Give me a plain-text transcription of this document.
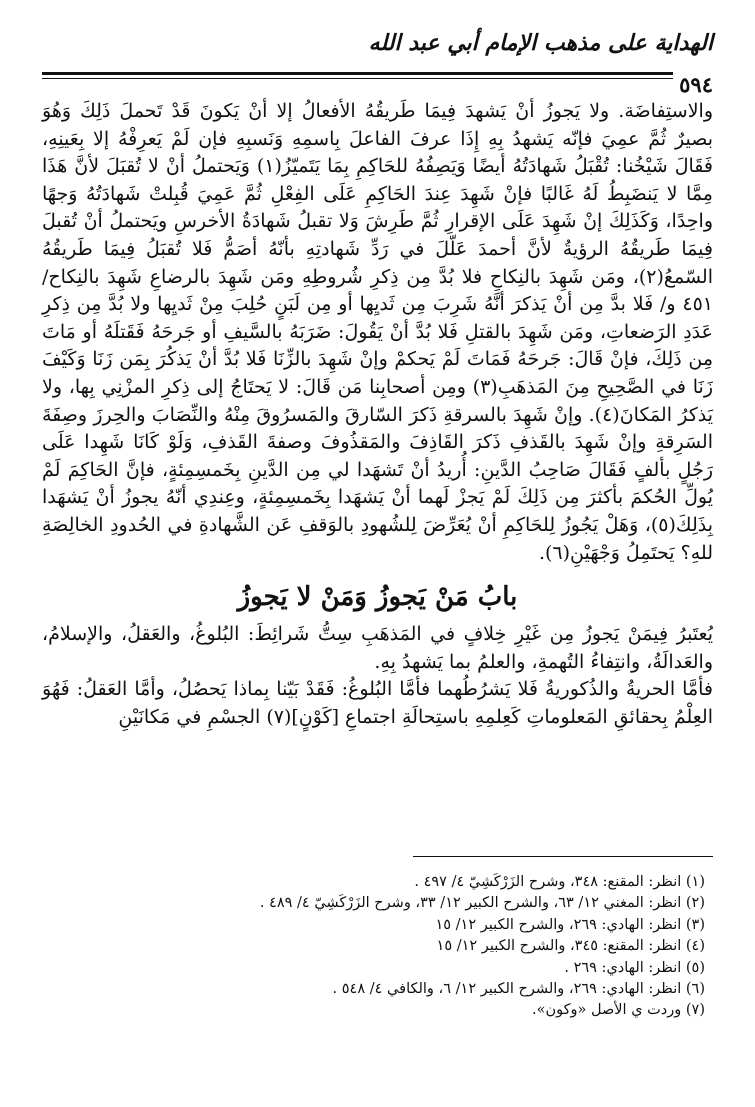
الهداية على مذهب الإمام أبي عبد الله
٥٩٤

والاستِفاضَة. ولا يَجوزُ أنْ يَشهدَ فِيمَا طَريقُهُ الأفعالُ إلا أنْ يَكونَ قَدْ تَحملَ ذَلِكَ وَهُوَ بصيرٌ ثُمَّ عمِيَ فإنّه يَشهدُ بِهِ إِذَا عرفَ الفاعلَ بِاسمِهِ وَنَسبِهِ فإن لَمْ يَعرِفْهُ إلا بِعَينِهِ، فَقَالَ شَيْخُنا: تُقْبَلُ شَهادَتُهُ أيضًا وَيَصِفُهُ للحَاكِمِ بِمَا يَتَميّزُ(١) وَيَحتملُ أنْ لا تُقبَلَ لأنَّ هَذَا مِمَّا لا يَنضَبِطُ لَهُ غَالبًا فإنْ شَهِدَ عِندَ الحَاكِمِ عَلَى الفِعْلِ ثُمَّ عَمِيَ قُبِلتْ شَهادَتُهُ وَجهًا واحِدًا، وَكَذَلِكَ إنْ شَهِدَ عَلَى الإقرارِ ثُمَّ طَرِشَ وَلا تقبلُ شَهادَةُ الأخرسِ ويَحتملُ أنْ تُقبلَ فِيمَا طَريقُهُ الرؤيةُ لأنَّ أحمدَ عَلّلَ في رَدِّ شَهادتِهِ بأنّهُ أصَمُّ فَلا تُقبَلُ فِيمَا طَريقُهُ السّمعُ(٢)، ومَن شَهِدَ بالنِكاحِ فلا بُدَّ مِن ذِكرِ شُروطِهِ ومَن شَهِدَ بالرضاعِ شَهِدَ بالنِكاح/ ٤٥١ و/ فَلا بدَّ مِن أنْ يَذكرَ أنَّهُ شَرِبَ مِن ثَديِها أو مِن لَبَنٍ حُلِبَ مِنْ ثَديِها ولا بُدَّ مِن ذِكرِ عَدَدِ الرَضعاتِ، ومَن شَهِدَ بالقتلِ فَلا بُدَّ أنْ يَقُولَ: ضَرَبَهُ بالسَّيفِ أو جَرحَهُ فَقَتلَهُ أو مَاتَ مِن ذَلِكَ، فإنْ قَالَ: جَرحَهُ فَمَاتَ لَمْ يَحكمْ وإنْ شَهِدَ بالزِّنَا فَلا بُدَّ أنْ يَذكُرَ بِمَن زَنَا وَكَيْفَ زَنَا في الصَّحِيحِ مِنَ المَذهَبِ(٣) ومِن أصحابِنا مَن قَالَ: لا يَحتَاجُ إلى ذِكرِ المزْنِي بِها، ولا يَذكرُ المَكانَ(٤). وإنْ شَهِدَ بالسرقةِ ذَكرَ السّارقَ والمَسرُوقَ مِنْهُ والنِّصَابَ والحِرزَ وصِفَةَ السَرِقةِ وإنْ شَهِدَ بالقَذفِ ذَكرَ القَاذِفَ والمَقذُوفَ وصفةَ القَذفِ، وَلَوْ كَانَا شَهِدا عَلَى رَجُلٍ بألفٍ فَقَالَ صَاحِبُ الدَّينِ: أُريدُ أنْ تَشهَدا لي مِن الدَّينِ بِخَمسِمِئةٍ، فإنَّ الحَاكِمَ لَمْ يُولِّ الحُكمَ بأكثرَ مِن ذَلِكَ لَمْ يَجزْ لَهما أنْ يَشهَدا بِخَمسِمِئةٍ، وعِندِي أنّهُ يجوزُ أنْ يَشهَدا بِذَلِكَ(٥)، وَهَلْ يَجُوزُ لِلحَاكِمِ أنْ يُعَرِّضَ لِلشُهودِ بالوَقفِ عَن الشَّهادةِ في الحُدودِ الخالِصَةِ للهِ؟ يَحتَمِلُ وَجْهَيْنِ(٦).

بابُ مَنْ يَجوزُ وَمَنْ لا يَجوزُ

يُعتَبرُ فِيمَنْ يَجوزُ مِن غَيْرِ خِلافٍ في المَذهَبِ سِتُّ شَرائِطَ: البُلوغُ، والعَقلُ، والإسلامُ، والعَدالَةُ، وانتِفاءُ التُهمةِ، والعلمُ بما يَشهدُ بِهِ.

فأمَّا الحريةُ والذُكوريةُ فَلا يَشرُطُهما فأمَّا البُلوغُ: فَقَدْ بَيّنا بِماذا يَحصُلُ، وأمَّا العَقلُ: فَهُوَ العِلْمُ بِحقائقِ المَعلوماتِ كَعِلمِهِ باستِحالَةِ اجتماعِ [كَوْنٍ](٧) الجسْمِ في مَكانَيْنِ

(١) انظر: المقنع: ٣٤٨، وشرح الزَرْكَشِيّ ٤/ ٤٩٧ .

(٢) انظر: المغني ١٢/ ٦٣، والشرح الكبير ١٢/ ٣٣، وشرح الزَرْكَشِيّ ٤/ ٤٨٩ .

(٣) انظر: الهادي: ٢٦٩، والشرح الكبير ١٢/ ١٥

(٤) انظر: المقنع: ٣٤٥، والشرح الكبير ١٢/ ١٥

(٥) انظر: الهادي: ٢٦٩ .

(٦) انظر: الهادي: ٢٦٩، والشرح الكبير ١٢/ ٦، والكافي ٤/ ٥٤٨ .

(٧) وردت ي الأصل «وكون».
